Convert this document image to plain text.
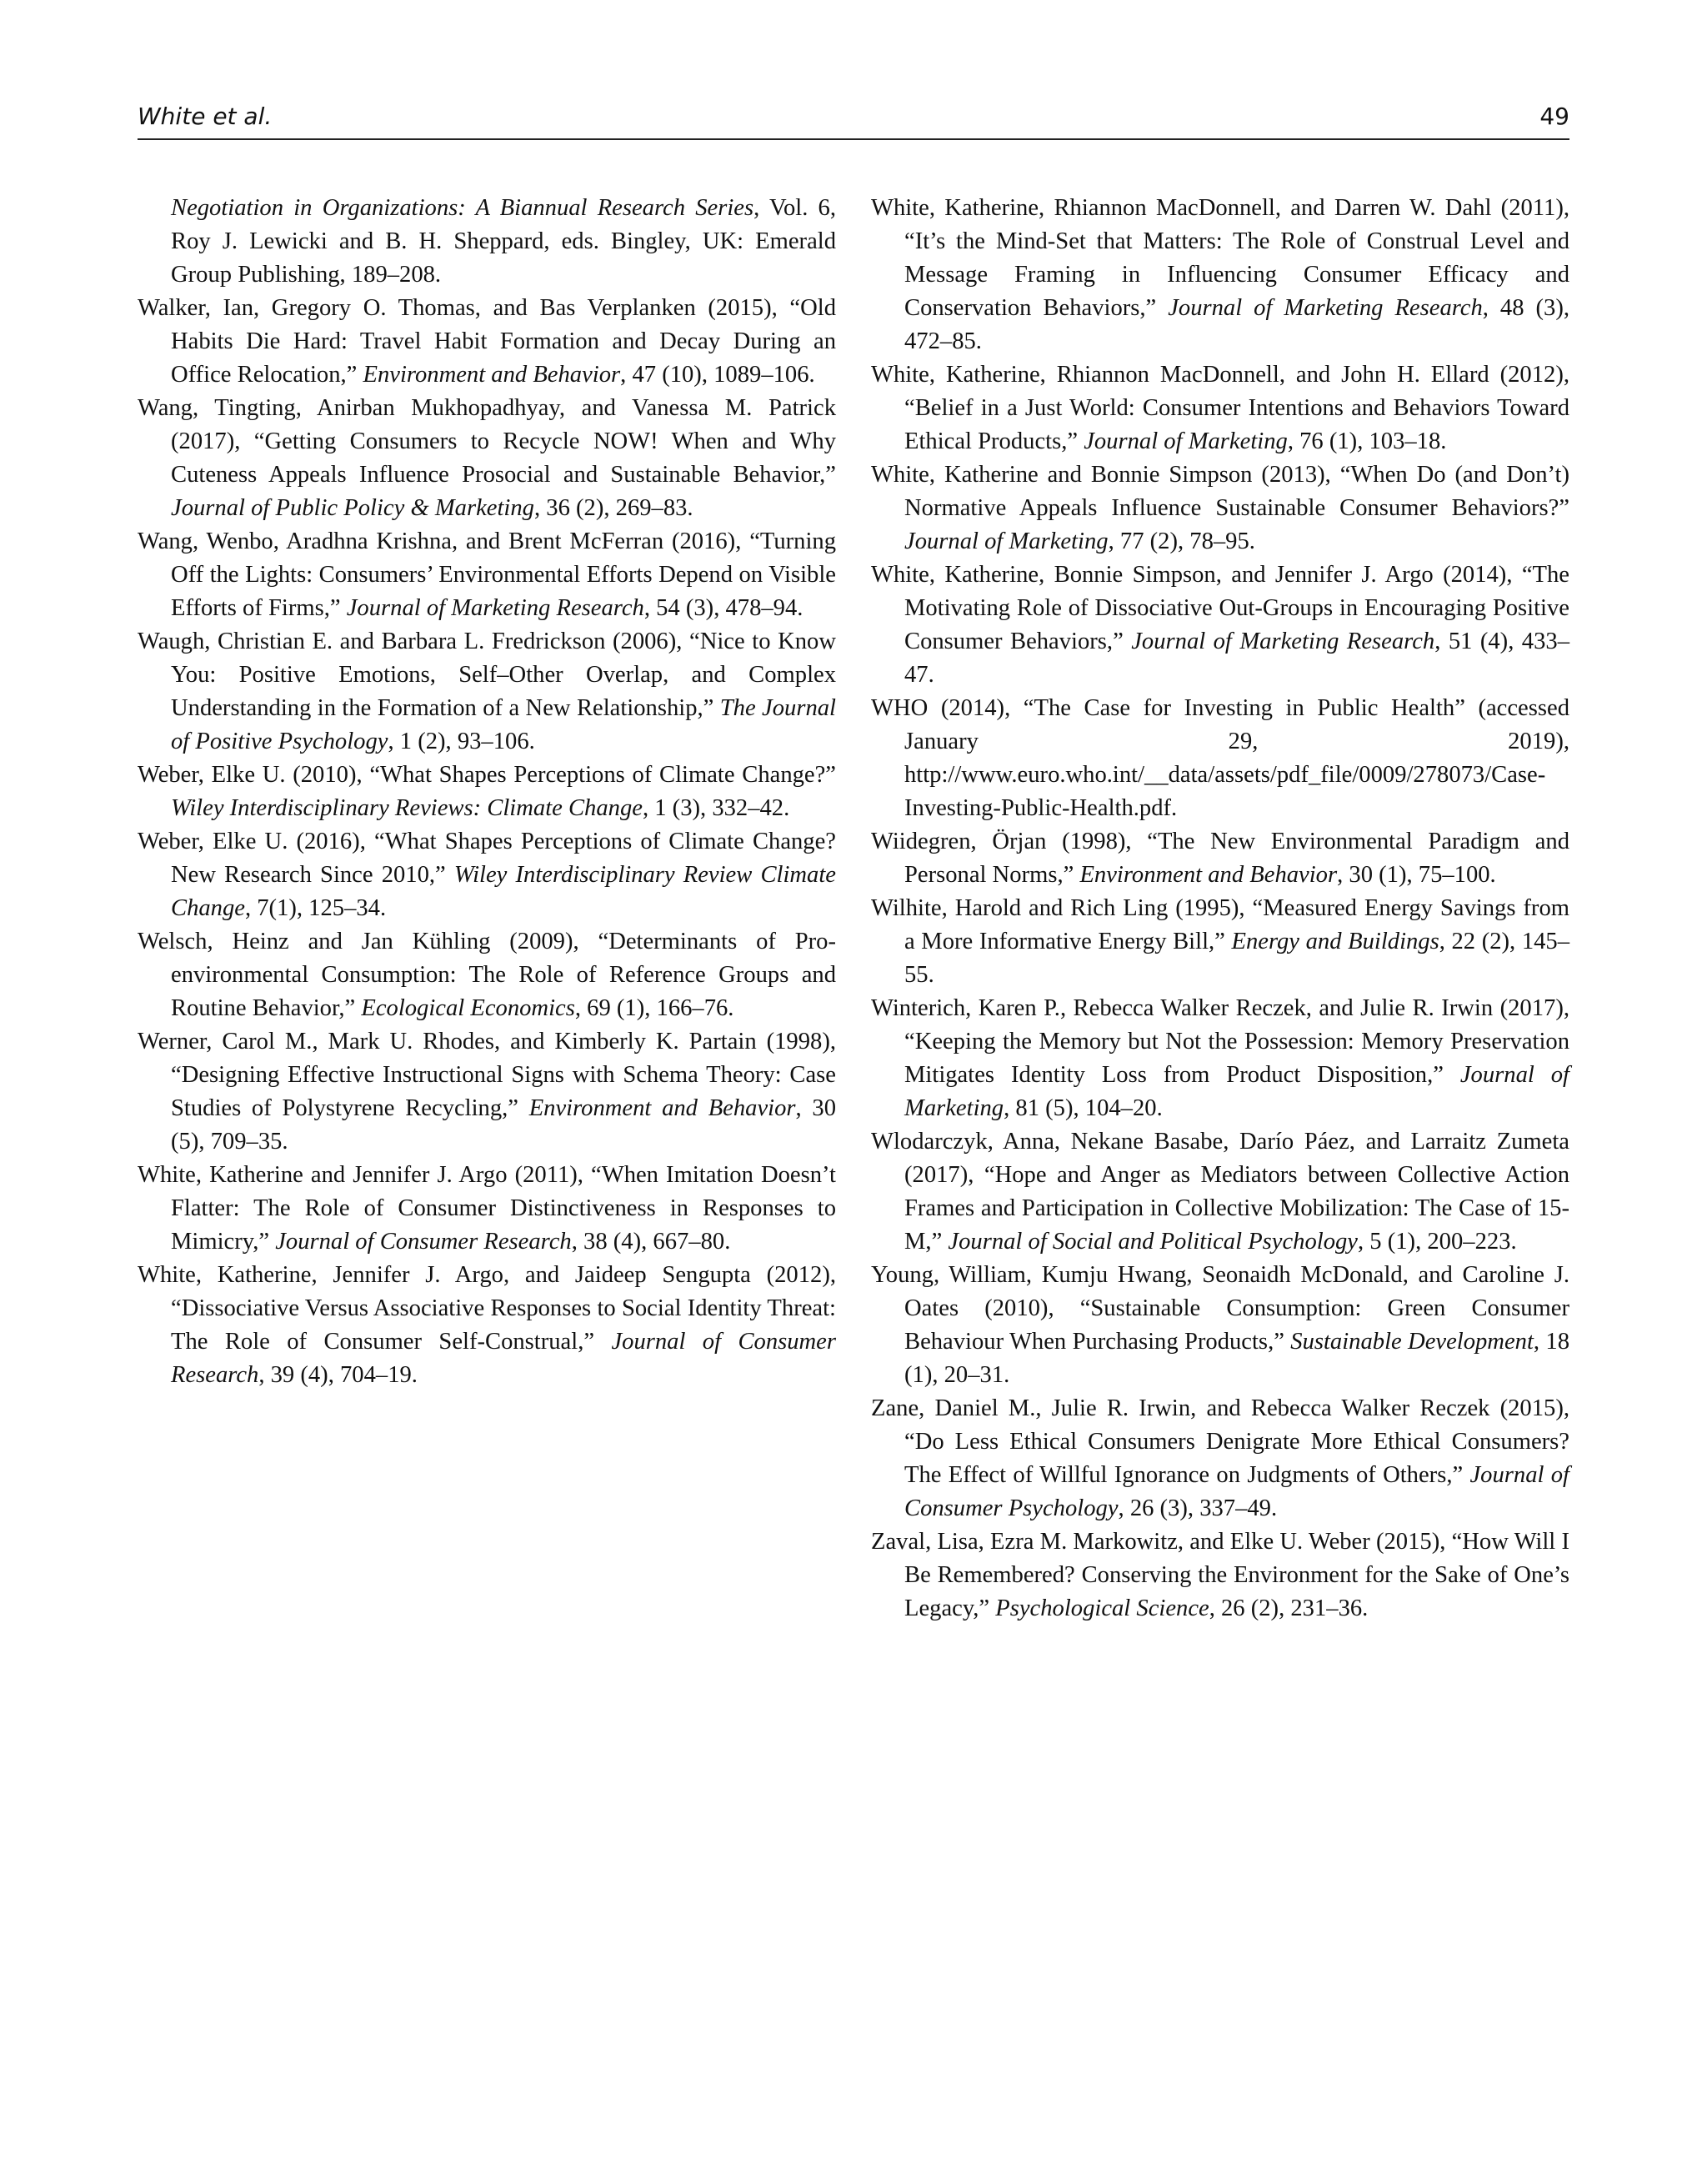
White et al.	49

Negotiation in Organizations: A Biannual Research Series, Vol. 6, Roy J. Lewicki and B. H. Sheppard, eds. Bingley, UK: Emerald Group Publishing, 189–208.

Walker, Ian, Gregory O. Thomas, and Bas Verplanken (2015), “Old Habits Die Hard: Travel Habit Formation and Decay During an Office Relocation,” Environment and Behavior, 47 (10), 1089–106.

Wang, Tingting, Anirban Mukhopadhyay, and Vanessa M. Patrick (2017), “Getting Consumers to Recycle NOW! When and Why Cuteness Appeals Influence Prosocial and Sustainable Behavior,” Journal of Public Policy & Marketing, 36 (2), 269–83.

Wang, Wenbo, Aradhna Krishna, and Brent McFerran (2016), “Turning Off the Lights: Consumers’ Environmental Efforts Depend on Visible Efforts of Firms,” Journal of Marketing Research, 54 (3), 478–94.

Waugh, Christian E. and Barbara L. Fredrickson (2006), “Nice to Know You: Positive Emotions, Self–Other Overlap, and Complex Understanding in the Formation of a New Relationship,” The Journal of Positive Psychology, 1 (2), 93–106.

Weber, Elke U. (2010), “What Shapes Perceptions of Climate Change?” Wiley Interdisciplinary Reviews: Climate Change, 1 (3), 332–42.

Weber, Elke U. (2016), “What Shapes Perceptions of Climate Change? New Research Since 2010,” Wiley Interdisciplinary Review Climate Change, 7(1), 125–34.

Welsch, Heinz and Jan Kühling (2009), “Determinants of Pro-environmental Consumption: The Role of Reference Groups and Routine Behavior,” Ecological Economics, 69 (1), 166–76.

Werner, Carol M., Mark U. Rhodes, and Kimberly K. Partain (1998), “Designing Effective Instructional Signs with Schema Theory: Case Studies of Polystyrene Recycling,” Environment and Behavior, 30 (5), 709–35.

White, Katherine and Jennifer J. Argo (2011), “When Imitation Doesn’t Flatter: The Role of Consumer Distinctiveness in Responses to Mimicry,” Journal of Consumer Research, 38 (4), 667–80.

White, Katherine, Jennifer J. Argo, and Jaideep Sengupta (2012), “Dissociative Versus Associative Responses to Social Identity Threat: The Role of Consumer Self-Construal,” Journal of Consumer Research, 39 (4), 704–19.

White, Katherine, Rhiannon MacDonnell, and Darren W. Dahl (2011), “It’s the Mind-Set that Matters: The Role of Construal Level and Message Framing in Influencing Consumer Efficacy and Conservation Behaviors,” Journal of Marketing Research, 48 (3), 472–85.

White, Katherine, Rhiannon MacDonnell, and John H. Ellard (2012), “Belief in a Just World: Consumer Intentions and Behaviors Toward Ethical Products,” Journal of Marketing, 76 (1), 103–18.

White, Katherine and Bonnie Simpson (2013), “When Do (and Don’t) Normative Appeals Influence Sustainable Consumer Behaviors?” Journal of Marketing, 77 (2), 78–95.

White, Katherine, Bonnie Simpson, and Jennifer J. Argo (2014), “The Motivating Role of Dissociative Out-Groups in Encouraging Positive Consumer Behaviors,” Journal of Marketing Research, 51 (4), 433–47.

WHO (2014), “The Case for Investing in Public Health” (accessed January 29, 2019), http://www.euro.who.int/__data/assets/pdf_file/0009/278073/Case-Investing-Public-Health.pdf.

Wiidegren, Örjan (1998), “The New Environmental Paradigm and Personal Norms,” Environment and Behavior, 30 (1), 75–100.

Wilhite, Harold and Rich Ling (1995), “Measured Energy Savings from a More Informative Energy Bill,” Energy and Buildings, 22 (2), 145–55.

Winterich, Karen P., Rebecca Walker Reczek, and Julie R. Irwin (2017), “Keeping the Memory but Not the Possession: Memory Preservation Mitigates Identity Loss from Product Disposition,” Journal of Marketing, 81 (5), 104–20.

Wlodarczyk, Anna, Nekane Basabe, Darío Páez, and Larraitz Zumeta (2017), “Hope and Anger as Mediators between Collective Action Frames and Participation in Collective Mobilization: The Case of 15-M,” Journal of Social and Political Psychology, 5 (1), 200–223.

Young, William, Kumju Hwang, Seonaidh McDonald, and Caroline J. Oates (2010), “Sustainable Consumption: Green Consumer Behaviour When Purchasing Products,” Sustainable Development, 18 (1), 20–31.

Zane, Daniel M., Julie R. Irwin, and Rebecca Walker Reczek (2015), “Do Less Ethical Consumers Denigrate More Ethical Consumers? The Effect of Willful Ignorance on Judgments of Others,” Journal of Consumer Psychology, 26 (3), 337–49.

Zaval, Lisa, Ezra M. Markowitz, and Elke U. Weber (2015), “How Will I Be Remembered? Conserving the Environment for the Sake of One’s Legacy,” Psychological Science, 26 (2), 231–36.
